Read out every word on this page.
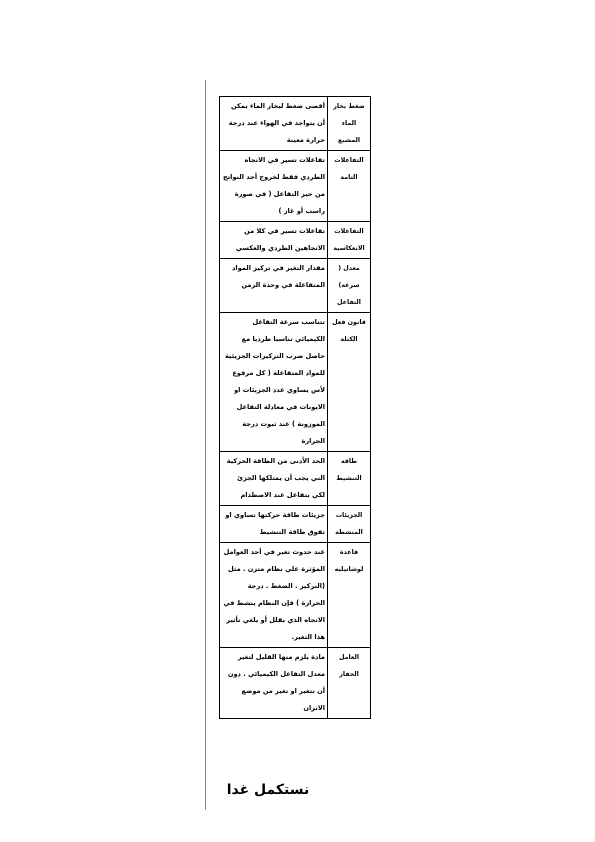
ضغط بخار الماء المشبع	أقصى ضغط لبخار الماء يمكن أن يتواجد في الهواء عند درجة حرارة معينة
التفاعلات التامة	تفاعلات تسير في الاتجاه الطردي فقط لخروج أحد النواتج من حيز التفاعل ( في صورة راسب أو غاز )
التفاعلات الانعكاسية	تفاعلات تسير في كلا من الاتجاهين الطردي والعكسي
معدل ( سرعة) التفاعل	مقدار التغير في تركيز المواد المتفاعلة في وحدة الزمن
قانون فعل الكتلة	تتناسب سرعة التفاعل الكيميائي تناسبا طرديا مع حاصل ضرب التركيزات الجزيئية للمواد المتفاعلة ( كل مرفوع لأس يساوي عدد الجزيئات او الايونات في معادلة التفاعل الموزونة ) عند ثبوت درجة الحرارة
طاقة التنشيط	الحد الأدنى من الطاقة الحركية التي يجب أن يمتلكها الجزئ لكي يتفاعل عند الاصطدام
الجزيئات المنشطة	جزيئات طاقة حركتها تساوي او تفوق طاقة التنشيط
قاعدة لوشاتيليه	عند حدوث تغير في أحد العوامل المؤثرة علي نظام متزن . مثل (التركيز . الضغط . درجة الحرارة ) فإن النظام ينشط في الاتجاه الذي يقلل أو يلغي تأثير هذا التغير.
العامل الحفاز	مادة يلزم منها القليل لتغير معدل التفاعل الكيميائي . دون أن تتغير او تغير من موضع الاتزان
نستكمل غدا
